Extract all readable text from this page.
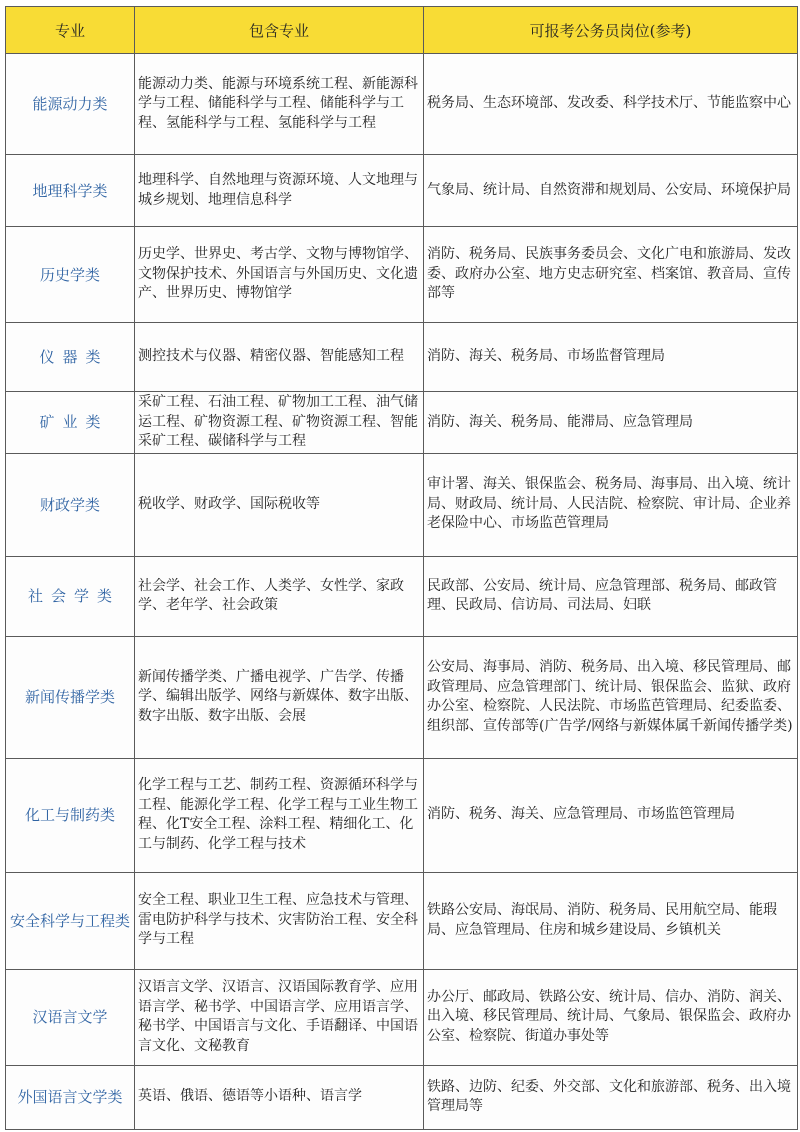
专业	包含专业	可报考公务员岗位(参考)
能源动力类	能源动力类、能源与环境系统工程、新能源科学与工程、储能科学与工程、储能科学与工程、氢能科学与工程、氢能科学与工程	税务局、生态环境部、发改委、科学技术厅、节能监察中心
地理科学类	地理科学、自然地理与资源环境、人文地理与城乡规划、地理信息科学	气象局、统计局、自然资滞和规划局、公安局、环境保护局
历史学类	历史学、世界史、考古学、文物与博物馆学、文物保护技术、外国语言与外国历史、文化遗产、世界历史、博物馆学	消防、税务局、民族事务委员会、文化广电和旅游局、发改委、政府办公室、地方史志研究室、档案馆、教音局、宣传部等
仪器类	测控技术与仪器、精密仪器、智能感知工程	消防、海关、税务局、市场监督管理局
矿业类	采矿工程、石油工程、矿物加工工程、油气储运工程、矿物资源工程、矿物资源工程、智能采矿工程、碳储科学与工程	消防、海关、税务局、能滞局、应急管理局
财政学类	税收学、财政学、国际税收等	审计署、海关、银保监会、税务局、海事局、出入境、统计局、财政局、统计局、人民洁院、检察院、审计局、企业养老保险中心、市场监芭管理局
社会学类	社会学、社会工作、人类学、女性学、家政学、老年学、社会政策	民政部、公安局、统计局、应急管理部、税务局、邮政管理、民政局、信访局、司法局、妇联
新闻传播学类	新闻传播学类、广播电视学、广告学、传播学、编辑出版学、网络与新媒体、数字出版、数字出版、数字出版、会展	公安局、海事局、消防、税务局、出入境、移民管理局、邮政管理局、应急管理部门、统计局、银保监会、监狱、政府办公室、检察院、人民法院、市场监芭管理局、纪委监委、组织部、宣传部等(广告学/网络与新媒体属千新闻传播学类)
化工与制药类	化学工程与工艺、制药工程、资源循环科学与工程、能源化学工程、化学工程与工业生物工程、化T安全工程、涂料工程、精细化工、化工与制药、化学工程与技术	消防、税务、海关、应急管理局、市场监笆管理局
安全科学与工程类	安全工程、职业卫生工程、应急技术与管理、雷电防护科学与技术、灾害防治工程、安全科学与工程	铁路公安局、海氓局、消防、税务局、民用航空局、能瑕局、应急管理局、住房和城乡建设局、乡镇机关
汉语言文学	汉语言文学、汉语言、汉语国际教育学、应用语言学、秘书学、中国语言学、应用语言学、秘书学、中国语言与文化、手语翻译、中国语言文化、文秘教育	办公厅、邮政局、铁路公安、统计局、信办、消防、润关、出入境、移民管理局、统计局、气象局、银保监会、政府办公室、检察院、街道办事处等
外国语言文学类	英语、俄语、德语等小语种、语言学	铁路、边防、纪委、外交部、文化和旅游部、税务、出入境管理局等
